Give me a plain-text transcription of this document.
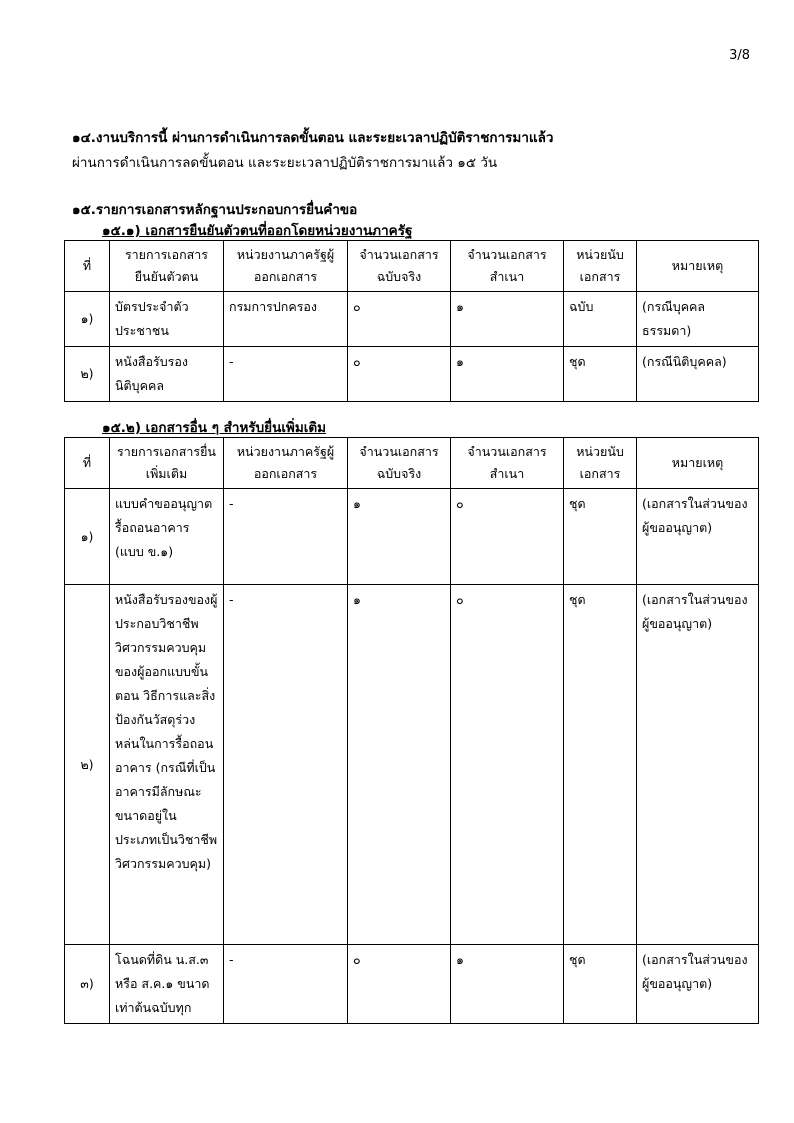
3/8
๑๔.งานบริการนี้ ผ่านการดำเนินการลดขั้นตอน และระยะเวลาปฏิบัติราชการมาแล้ว
ผ่านการดำเนินการลดขั้นตอน และระยะเวลาปฏิบัติราชการมาแล้ว ๑๕ วัน
๑๕.รายการเอกสารหลักฐานประกอบการยื่นคำขอ
๑๕.๑) เอกสารยืนยันตัวตนที่ออกโดยหน่วยงานภาครัฐ
ที่	รายการเอกสารยืนยันตัวตน	หน่วยงานภาครัฐผู้ออกเอกสาร	จำนวนเอกสารฉบับจริง	จำนวนเอกสารสำเนา	หน่วยนับเอกสาร	หมายเหตุ
๑)	บัตรประจำตัวประชาชน	กรมการปกครอง	๐	๑	ฉบับ	(กรณีบุคคลธรรมดา)
๒)	หนังสือรับรองนิติบุคคล	-	๐	๑	ชุด	(กรณีนิติบุคคล)
๑๕.๒) เอกสารอื่น ๆ สำหรับยื่นเพิ่มเติม
ที่	รายการเอกสารยื่นเพิ่มเติม	หน่วยงานภาครัฐผู้ออกเอกสาร	จำนวนเอกสารฉบับจริง	จำนวนเอกสารสำเนา	หน่วยนับเอกสาร	หมายเหตุ
๑)	แบบคำขออนุญาตรื้อถอนอาคาร (แบบ ข.๑)	-	๑	๐	ชุด	(เอกสารในส่วนของผู้ขออนุญาต)
๒)	หนังสือรับรองของผู้ประกอบวิชาชีพวิศวกรรมควบคุมของผู้ออกแบบขั้นตอน วิธีการและสิ่งป้องกันวัสดุร่วงหล่นในการรื้อถอนอาคาร (กรณีที่เป็นอาคารมีลักษณะ ขนาดอยู่ในประเภทเป็นวิชาชีพวิศวกรรมควบคุม)	-	๑	๐	ชุด	(เอกสารในส่วนของผู้ขออนุญาต)
๓)	โฉนดที่ดิน น.ส.๓ หรือ ส.ค.๑ ขนาดเท่าต้นฉบับทุก	-	๐	๑	ชุด	(เอกสารในส่วนของผู้ขออนุญาต)
